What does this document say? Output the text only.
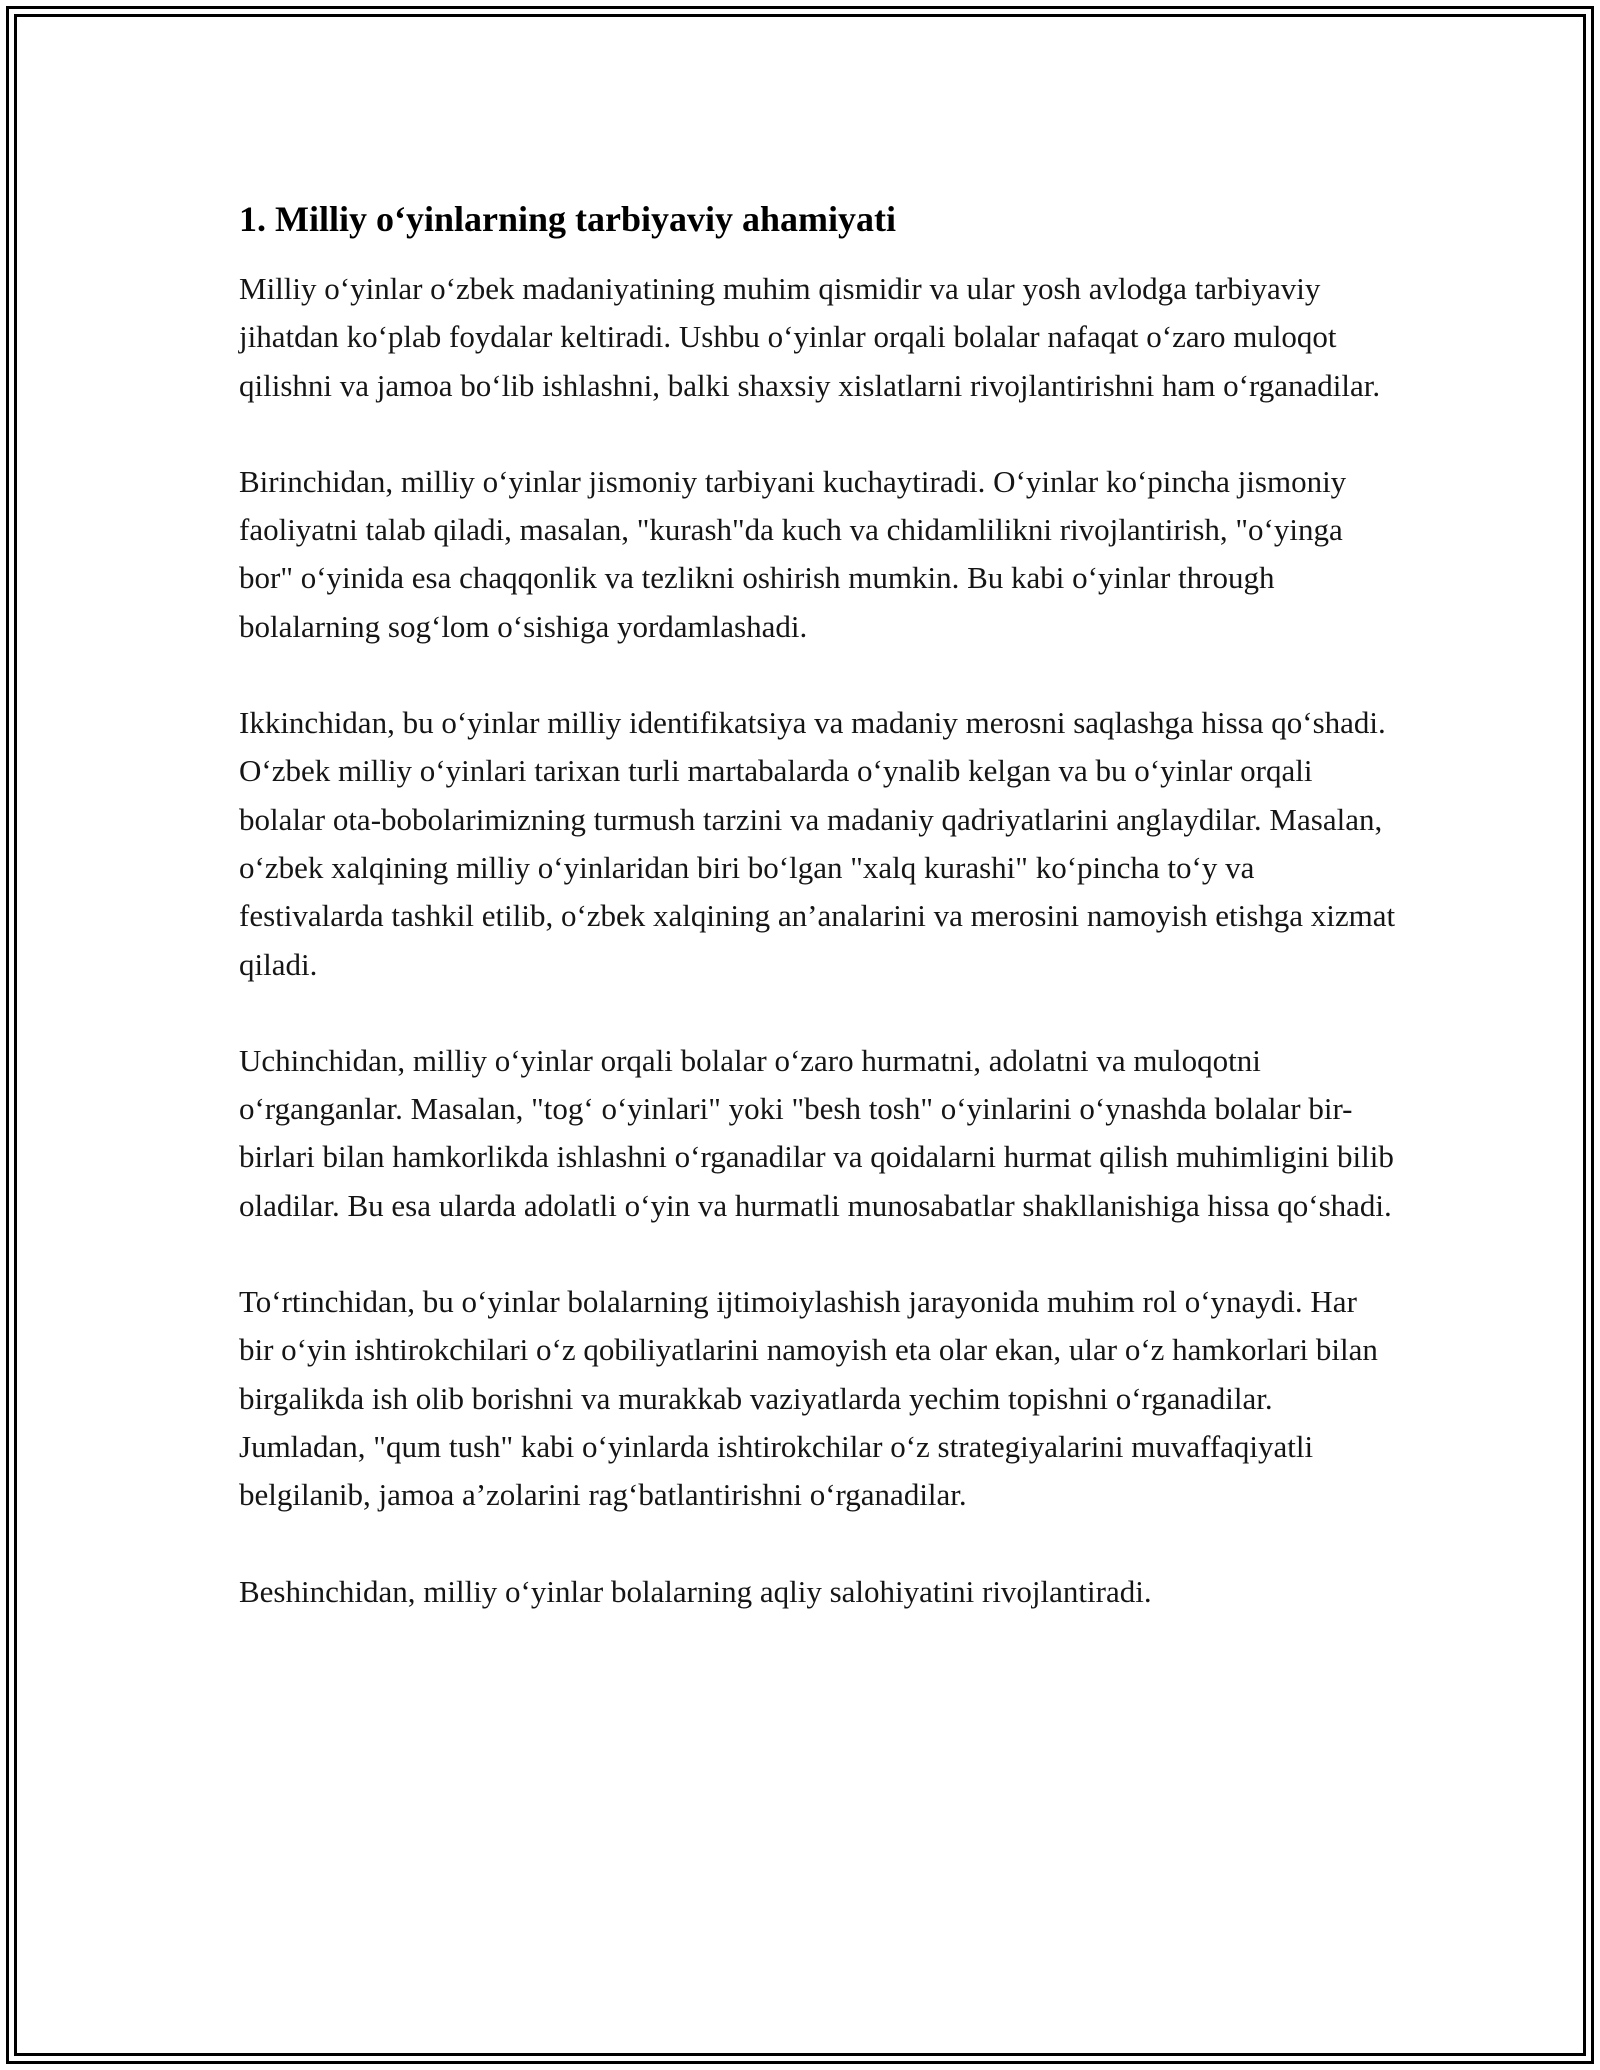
1. Milliy o‘yinlarning tarbiyaviy ahamiyati

Milliy o‘yinlar o‘zbek madaniyatining muhim qismidir va ular yosh avlodga tarbiyaviy jihatdan ko‘plab foydalar keltiradi. Ushbu o‘yinlar orqali bolalar nafaqat o‘zaro muloqot qilishni va jamoa bo‘lib ishlashni, balki shaxsiy xislatlarni rivojlantirishni ham o‘rganadilar.

Birinchidan, milliy o‘yinlar jismoniy tarbiyani kuchaytiradi. O‘yinlar ko‘pincha jismoniy faoliyatni talab qiladi, masalan, "kurash"da kuch va chidamlilikni rivojlantirish, "o‘yinga bor" o‘yinida esa chaqqonlik va tezlikni oshirish mumkin. Bu kabi o‘yinlar through bolalarning sog‘lom o‘sishiga yordamlashadi.

Ikkinchidan, bu o‘yinlar milliy identifikatsiya va madaniy merosni saqlashga hissa qo‘shadi. O‘zbek milliy o‘yinlari tarixan turli martabalarda o‘ynalib kelgan va bu o‘yinlar orqali bolalar ota-bobolarimizning turmush tarzini va madaniy qadriyatlarini anglaydilar. Masalan, o‘zbek xalqining milliy o‘yinlaridan biri bo‘lgan "xalq kurashi" ko‘pincha to‘y va festivalarda tashkil etilib, o‘zbek xalqining an’analarini va merosini namoyish etishga xizmat qiladi.

Uchinchidan, milliy o‘yinlar orqali bolalar o‘zaro hurmatni, adolatni va muloqotni o‘rganganlar. Masalan, "tog‘ o‘yinlari" yoki "besh tosh" o‘yinlarini o‘ynashda bolalar bir-birlari bilan hamkorlikda ishlashni o‘rganadilar va qoidalarni hurmat qilish muhimligini bilib oladilar. Bu esa ularda adolatli o‘yin va hurmatli munosabatlar shakllanishiga hissa qo‘shadi.

To‘rtinchidan, bu o‘yinlar bolalarning ijtimoiylashish jarayonida muhim rol o‘ynaydi. Har bir o‘yin ishtirokchilari o‘z qobiliyatlarini namoyish eta olar ekan, ular o‘z hamkorlari bilan birgalikda ish olib borishni va murakkab vaziyatlarda yechim topishni o‘rganadilar. Jumladan, "qum tush" kabi o‘yinlarda ishtirokchilar o‘z strategiyalarini muvaffaqiyatli belgilanib, jamoa a’zolarini rag‘batlantirishni o‘rganadilar.

Beshinchidan, milliy o‘yinlar bolalarning aqliy salohiyatini rivojlantiradi.
